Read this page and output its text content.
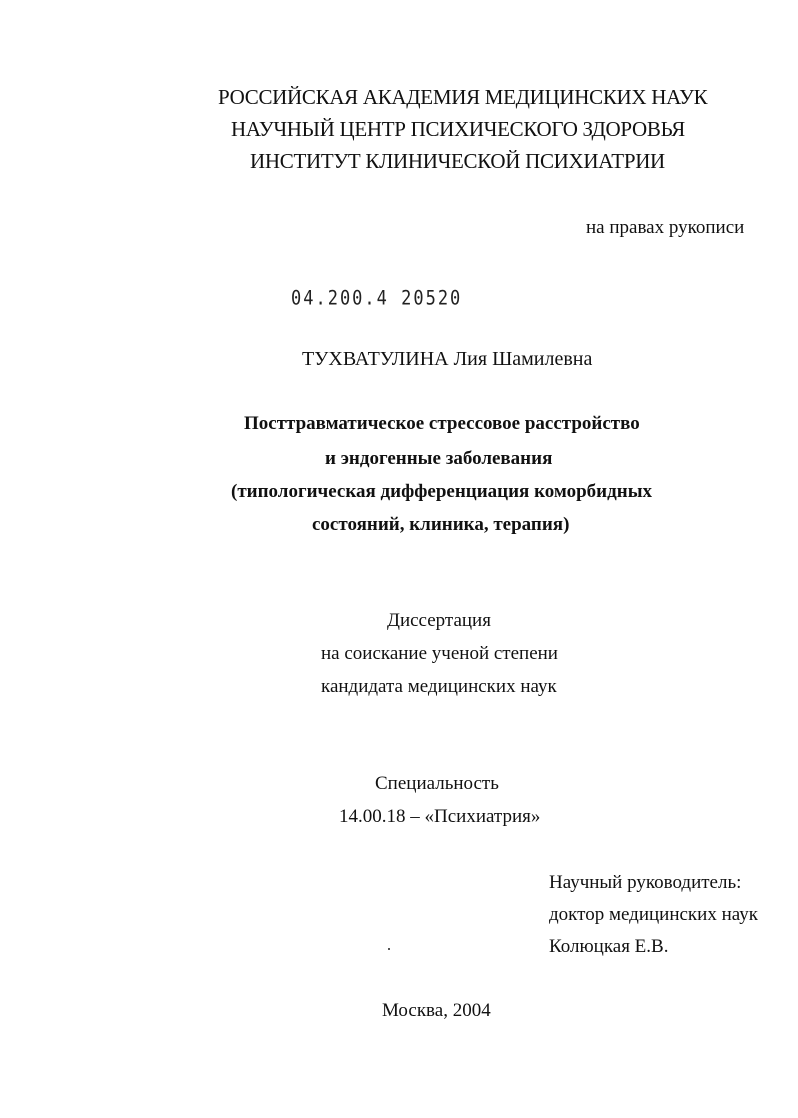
РОССИЙСКАЯ АКАДЕМИЯ МЕДИЦИНСКИХ НАУК
НАУЧНЫЙ ЦЕНТР ПСИХИЧЕСКОГО ЗДОРОВЬЯ
ИНСТИТУТ КЛИНИЧЕСКОЙ ПСИХИАТРИИ
на правах рукописи
04.200.4 20520
ТУХВАТУЛИНА Лия Шамилевна
Посттравматическое стрессовое расстройство
и эндогенные заболевания
(типологическая дифференциация коморбидных
состояний, клиника, терапия)
Диссертация
на соискание ученой степени
кандидата медицинских наук
Специальность
14.00.18 – «Психиатрия»
Научный руководитель:
доктор медицинских наук
Колюцкая Е.В.
Москва, 2004
